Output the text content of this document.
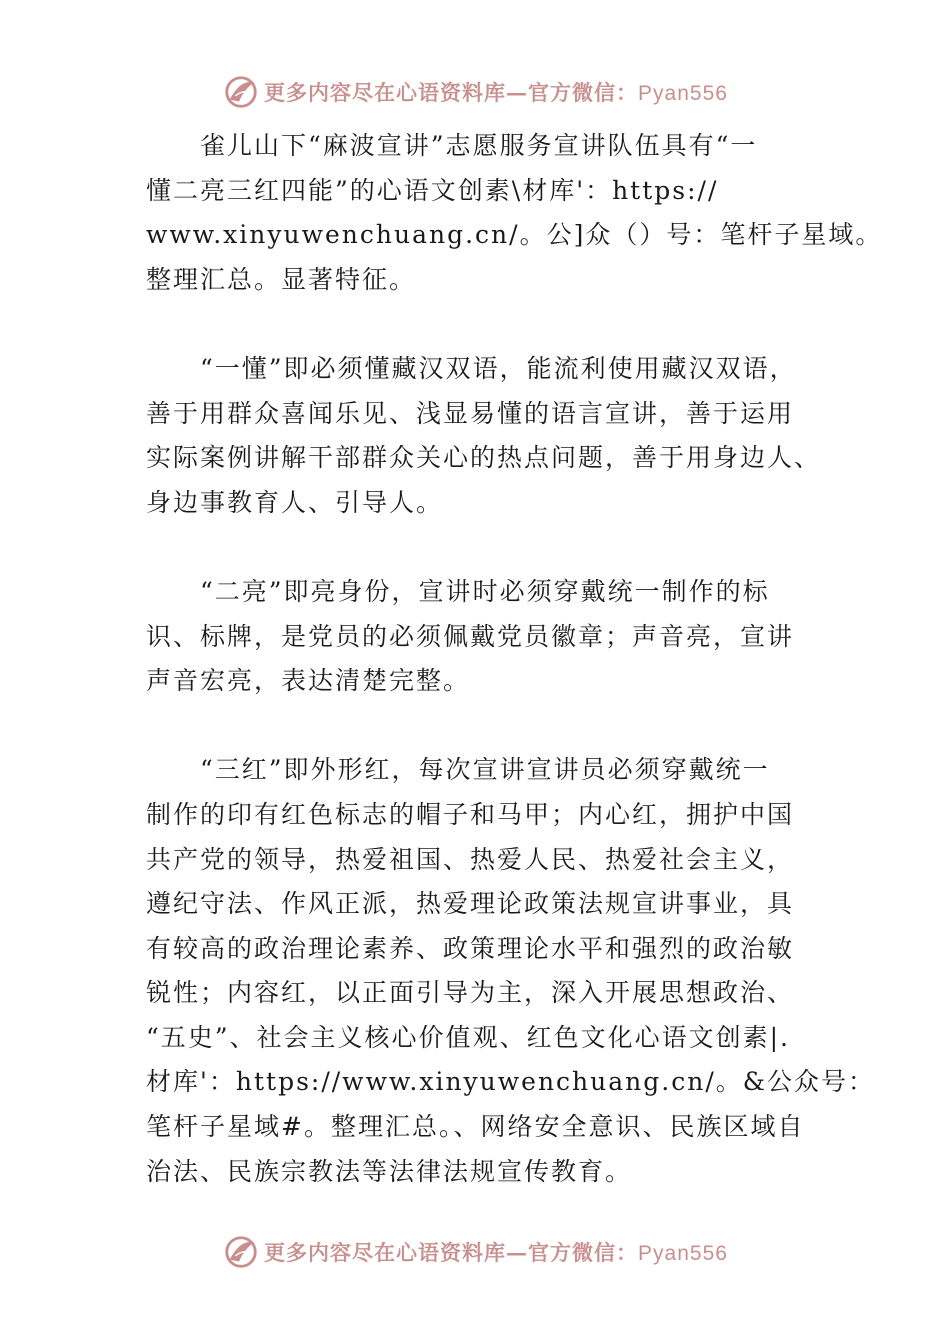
更多内容尽在心语资料库—官方微信：Pyan556
　　雀儿山下“麻波宣讲”志愿服务宣讲队伍具有“一
懂二亮三红四能”的心语文创素\材库'：https://
www.xinyuwenchuang.cn/。公]众（）号：笔杆子星域。
整理汇总。显著特征。
　　“一懂”即必须懂藏汉双语，能流利使用藏汉双语，
善于用群众喜闻乐见、浅显易懂的语言宣讲，善于运用
实际案例讲解干部群众关心的热点问题，善于用身边人、
身边事教育人、引导人。
　　“二亮”即亮身份，宣讲时必须穿戴统一制作的标
识、标牌，是党员的必须佩戴党员徽章；声音亮，宣讲
声音宏亮，表达清楚完整。
　　“三红”即外形红，每次宣讲宣讲员必须穿戴统一
制作的印有红色标志的帽子和马甲；内心红，拥护中国
共产党的领导，热爱祖国、热爱人民、热爱社会主义，
遵纪守法、作风正派，热爱理论政策法规宣讲事业，具
有较高的政治理论素养、政策理论水平和强烈的政治敏
锐性；内容红，以正面引导为主，深入开展思想政治、
“五史”、社会主义核心价值观、红色文化心语文创素|.
材库'：https://www.xinyuwenchuang.cn/。&公众号：
笔杆子星域#。整理汇总。、网络安全意识、民族区域自
治法、民族宗教法等法律法规宣传教育。
更多内容尽在心语资料库—官方微信：Pyan556
